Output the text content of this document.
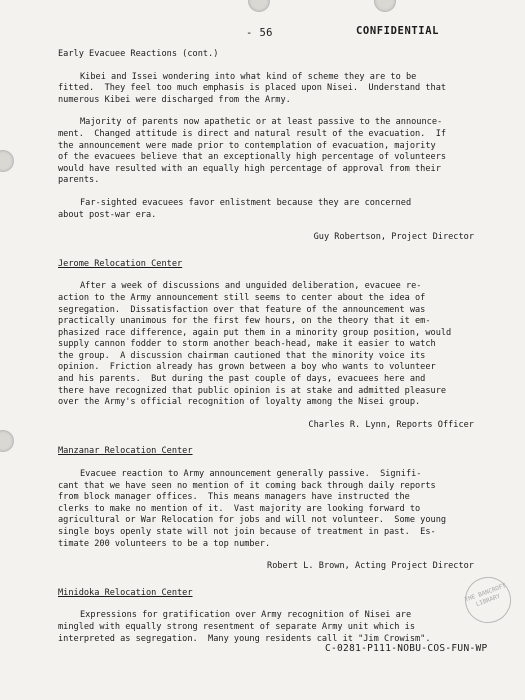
- 56	CONFIDENTIAL
Early Evacuee Reactions (cont.)

Kibei and Issei wondering into what kind of scheme they are to be
fitted.  They feel too much emphasis is placed upon Nisei.  Understand that
numerous Kibei were discharged from the Army.

Majority of parents now apathetic or at least passive to the announce-
ment.  Changed attitude is direct and natural result of the evacuation.  If
the announcement were made prior to contemplation of evacuation, majority
of the evacuees believe that an exceptionally high percentage of volunteers
would have resulted with an equally high percentage of approval from their
parents.

Far-sighted evacuees favor enlistment because they are concerned
about post-war era.

Guy Robertson, Project Director
Jerome Relocation Center

After a week of discussions and unguided deliberation, evacuee re-
action to the Army announcement still seems to center about the idea of
segregation.  Dissatisfaction over that feature of the announcement was
practically unanimous for the first few hours, on the theory that it em-
phasized race difference, again put them in a minority group position, would
supply cannon fodder to storm another beach-head, make it easier to watch
the group.  A discussion chairman cautioned that the minority voice its
opinion.  Friction already has grown between a boy who wants to volunteer
and his parents.  But during the past couple of days, evacuees here and
there have recognized that public opinion is at stake and admitted pleasure
over the Army's official recognition of loyalty among the Nisei group.

Charles R. Lynn, Reports Officer
Manzanar Relocation Center

Evacuee reaction to Army announcement generally passive.  Signifi-
cant that we have seen no mention of it coming back through daily reports
from block manager offices.  This means managers have instructed the
clerks to make no mention of it.  Vast majority are looking forward to
agricultural or War Relocation for jobs and will not volunteer.  Some young
single boys openly state will not join because of treatment in past.  Es-
timate 200 volunteers to be a top number.

Robert L. Brown, Acting Project Director
Minidoka Relocation Center

Expressions for gratification over Army recognition of Nisei are
mingled with equally strong resentment of separate Army unit which is
interpreted as segregation.  Many young residents call it "Jim Crowism".

THE BANCROFT LIBRARY
C-0281-P111-NOBU-COS-FUN-WP
